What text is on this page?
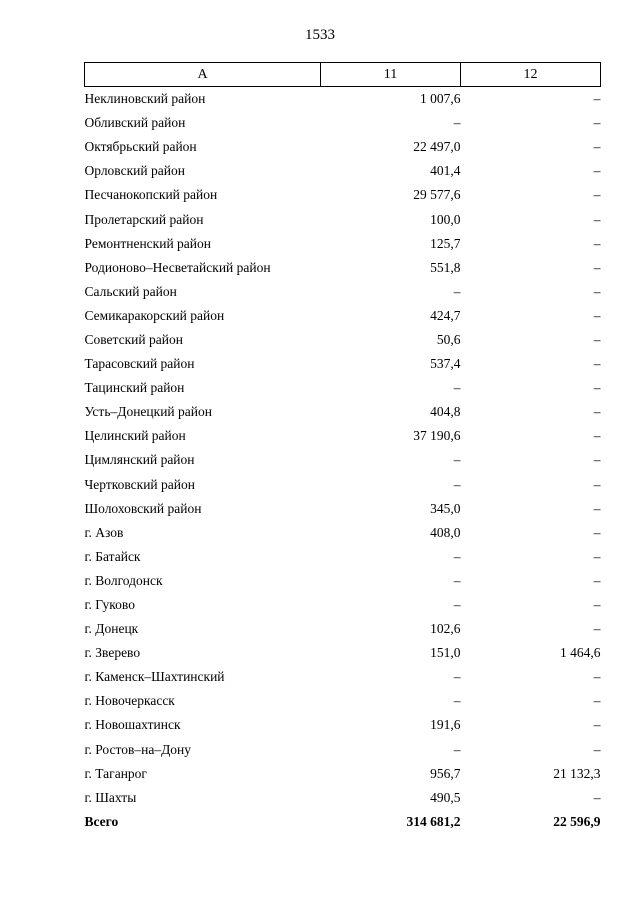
1533
А	11	12
Неклиновский район	1 007,6	–
Обливский район	–	–
Октябрьский район	22 497,0	–
Орловский район	401,4	–
Песчанокопский район	29 577,6	–
Пролетарский район	100,0	–
Ремонтненский район	125,7	–
Родионово–Несветайский район	551,8	–
Сальский район	–	–
Семикаракорский район	424,7	–
Советский район	50,6	–
Тарасовский район	537,4	–
Тацинский район	–	–
Усть–Донецкий район	404,8	–
Целинский район	37 190,6	–
Цимлянский район	–	–
Чертковский район	–	–
Шолоховский район	345,0	–
г. Азов	408,0	–
г. Батайск	–	–
г. Волгодонск	–	–
г. Гуково	–	–
г. Донецк	102,6	–
г. Зверево	151,0	1 464,6
г. Каменск–Шахтинский	–	–
г. Новочеркасск	–	–
г. Новошахтинск	191,6	–
г. Ростов–на–Дону	–	–
г. Таганрог	956,7	21 132,3
г. Шахты	490,5	–
Всего	314 681,2	22 596,9
